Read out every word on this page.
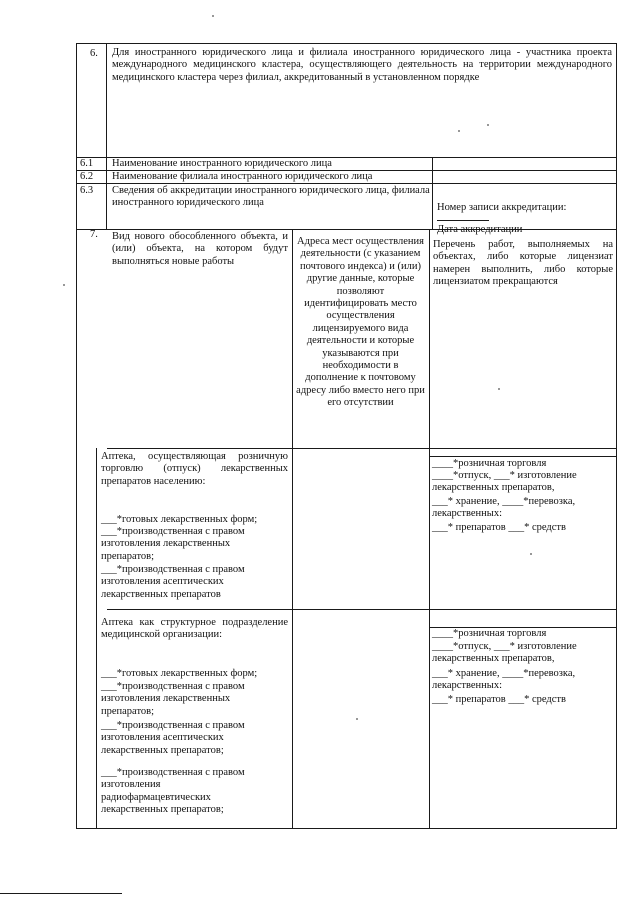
6. Для иностранного юридического лица и филиала иностранного юридического лица - участника проекта международного медицинского кластера, осуществляющего деятельность на территории международного медицинского кластера через филиал, аккредитованный в установленном порядке
6.1 Наименование иностранного юридического лица
6.2 Наименование филиала иностранного юридического лица
6.3 Сведения об аккредитации иностранного юридического лица, филиала иностранного юридического лица	Номер записи аккредитации:
Дата аккредитации
7. Вид нового обособленного объекта, и (или) объекта, на котором будут выполняться новые работы
Адреса мест осуществления деятельности (с указанием почтового индекса) и (или) другие данные, которые позволяют идентифицировать место осуществления лицензируемого вида деятельности и которые указываются при необходимости в дополнение к почтовому адресу либо вместо него при его отсутствии
Перечень работ, выполняемых на объектах, либо которые лицензиат намерен выполнить, либо которые лицензиатом прекращаются
Аптека, осуществляющая розничную торговлю (отпуск) лекарственных препаратов населению:
___*готовых лекарственных форм;
___*производственная с правом изготовления лекарственных препаратов;
___*производственная с правом изготовления асептических лекарственных препаратов
____*розничная торговля
____*отпуск, ___* изготовление лекарственных препаратов,
___* хранение, ____*перевозка, лекарственных:
___* препаратов ___* средств
Аптека как структурное подразделение медицинской организации:
___*готовых лекарственных форм;
___*производственная с правом изготовления лекарственных препаратов;
___*производственная с правом изготовления асептических лекарственных препаратов;
___*производственная с правом изготовления радиофармацевтических лекарственных препаратов;
____*розничная торговля
____*отпуск, ___* изготовление лекарственных препаратов,
___* хранение, ____*перевозка, лекарственных:
___* препаратов ___* средств
